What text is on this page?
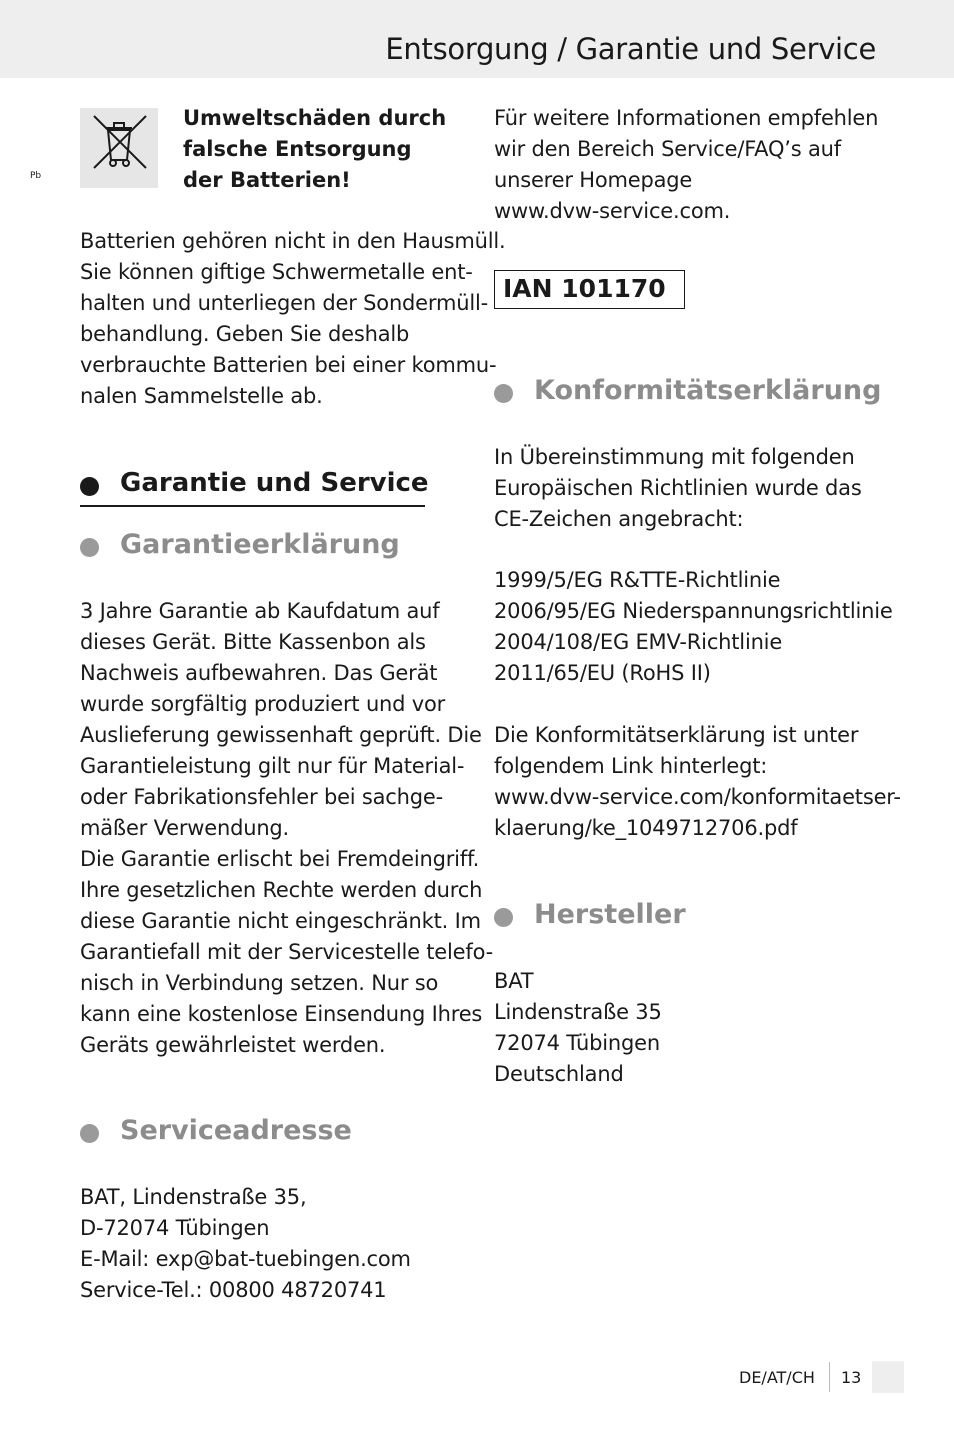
Entsorgung / Garantie und Service
Pb
Umweltschäden durch
falsche Entsorgung
der Batterien!
Batterien gehören nicht in den Hausmüll.
Sie können giftige Schwermetalle ent-
halten und unterliegen der Sondermüll-
behandlung. Geben Sie deshalb
verbrauchte Batterien bei einer kommu-
nalen Sammelstelle ab.
Garantie und Service
Garantieerklärung
3 Jahre Garantie ab Kaufdatum auf
dieses Gerät. Bitte Kassenbon als
Nachweis aufbewahren. Das Gerät
wurde sorgfältig produziert und vor
Auslieferung gewissenhaft geprüft. Die
Garantieleistung gilt nur für Material-
oder Fabrikationsfehler bei sachge-
mäßer Verwendung.
Die Garantie erlischt bei Fremdeingriff.
Ihre gesetzlichen Rechte werden durch
diese Garantie nicht eingeschränkt. Im
Garantiefall mit der Servicestelle telefo-
nisch in Verbindung setzen. Nur so
kann eine kostenlose Einsendung Ihres
Geräts gewährleistet werden.
Serviceadresse
BAT, Lindenstraße 35,
D-72074 Tübingen
E-Mail: exp@bat-tuebingen.com
Service-Tel.: 00800 48720741
Für weitere Informationen empfehlen
wir den Bereich Service/FAQ’s auf
unserer Homepage
www.dvw-service.com.
IAN 101170
Konformitätserklärung
In Übereinstimmung mit folgenden
Europäischen Richtlinien wurde das
CE-Zeichen angebracht:
1999/5/EG R&TTE-Richtlinie
2006/95/EG Niederspannungsrichtlinie
2004/108/EG EMV-Richtlinie
2011/65/EU (RoHS II)
Die Konformitätserklärung ist unter
folgendem Link hinterlegt:
www.dvw-service.com/konformitaetser-
klaerung/ke_1049712706.pdf
Hersteller
BAT
Lindenstraße 35
72074 Tübingen
Deutschland
DE/AT/CH 13
